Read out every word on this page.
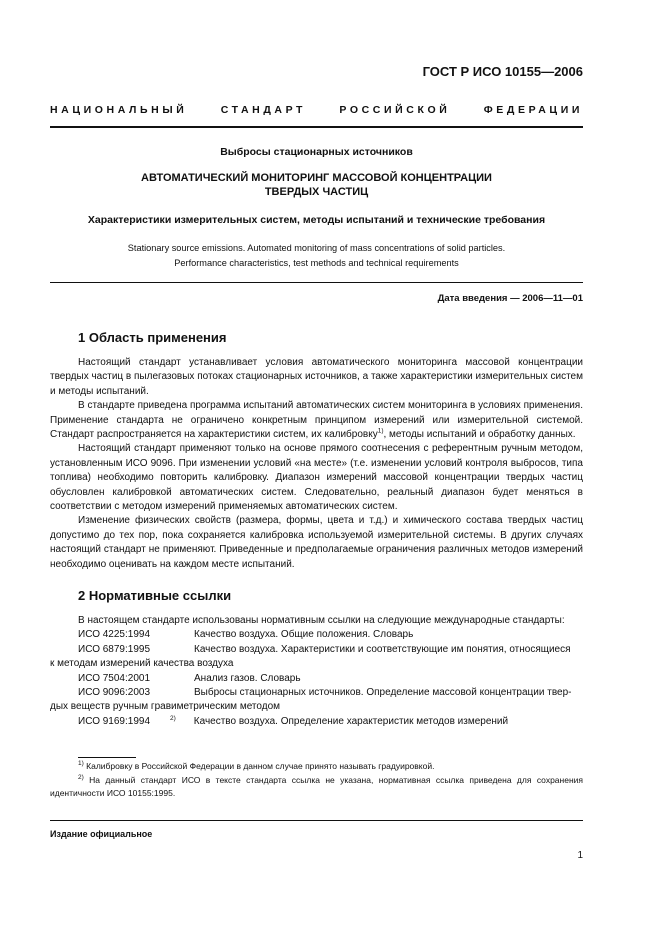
ГОСТ Р ИСО 10155—2006
НАЦИОНАЛЬНЫЙ СТАНДАРТ РОССИЙСКОЙ ФЕДЕРАЦИИ
Выбросы стационарных источников
АВТОМАТИЧЕСКИЙ МОНИТОРИНГ МАССОВОЙ КОНЦЕНТРАЦИИ
ТВЕРДЫХ ЧАСТИЦ
Характеристики измерительных систем, методы испытаний и технические требования
Stationary source emissions. Automated monitoring of mass concentrations of solid particles.
Performance characteristics, test methods and technical requirements
Дата введения — 2006—11—01
1 Область применения

Настоящий стандарт устанавливает условия автоматического мониторинга массовой концентрации твердых частиц в пылегазовых потоках стационарных источников, а также характеристики измерительных систем и методы испытаний.

В стандарте приведена программа испытаний автоматических систем мониторинга в условиях применения. Применение стандарта не ограничено конкретным принципом измерений или измерительной системой. Стандарт распространяется на характеристики систем, их калибровку$^{1)}$, методы испытаний и обработку данных.

Настоящий стандарт применяют только на основе прямого соотнесения с референтным ручным методом, установленным ИСО 9096. При изменении условий «на месте» (т.е. изменении условий контроля выбросов, типа топлива) необходимо повторить калибровку. Диапазон измерений массовой концентрации твердых частиц обусловлен калибровкой автоматических систем. Следовательно, реальный диапазон будет меняться в соответствии с методом измерений применяемых автоматических систем.

Изменение физических свойств (размера, формы, цвета и т.д.) и химического состава твердых частиц допустимо до тех пор, пока сохраняется калибровка используемой измерительной системы. В других случаях настоящий стандарт не применяют. Приведенные и предполагаемые ограничения различных методов измерений необходимо оценивать на каждом месте испытаний.

2 Нормативные ссылки

В настоящем стандарте использованы нормативным ссылки на следующие международные стандарты:

ИСО 4225:1994	Качество воздуха. Общие положения. Словарь

ИСО 6879:1995	Качество воздуха. Характеристики и соответствующие им понятия, относящиеся
к методам измерений качества воздуха

ИСО 7504:2001	Анализ газов. Словарь

ИСО 9096:2003	Выбросы стационарных источников. Определение массовой концентрации твер-
дых веществ ручным гравиметрическим методом

ИСО 9169:1994	$^{2)}$ Качество воздуха. Определение характеристик методов измерений

$^{1)}$ Калибровку в Российской Федерации в данном случае принято называть градуировкой.

$^{2)}$ На данный стандарт ИСО в тексте стандарта ссылка не указана, нормативная ссылка приведена для сохранения идентичности ИСО 10155:1995.

Издание официальное
1
